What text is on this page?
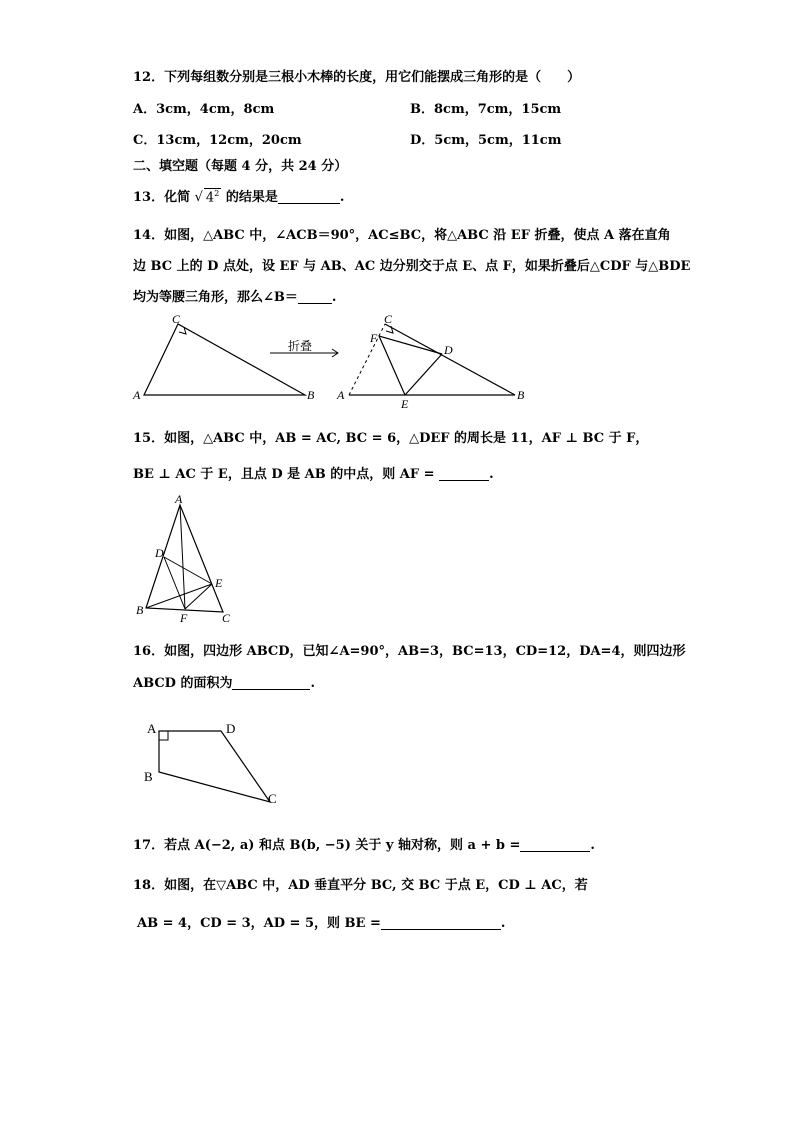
12．下列每组数分别是三根小木棒的长度，用它们能摆成三角形的是（　　）
A．3cm，4cm，8cm	B．8cm，7cm，15cm
C．13cm，12cm，20cm	D．5cm，5cm，11cm
二、填空题（每题 4 分，共 24 分）
13．化简 √ $4^2$ 的结果是	.
14．如图，△ABC 中，∠ACB＝90°，AC≤BC，将△ABC 沿 EF 折叠，使点 A 落在直角
边 BC 上的 D 点处，设 EF 与 AB、AC 边分别交于点 E、点 F，如果折叠后△CDF 与△BDE
均为等腰三角形，那么∠B＝	.
C
A	B
折叠
C
F
D
A
E
B
15．如图，△ABC 中，AB = AC, BC = 6，△DEF 的周长是 11，AF ⊥ BC 于 F，
BE ⊥ AC 于 E，且点 D 是 AB 的中点，则 AF =	.
A
D
E
B
F	C
16．如图，四边形 ABCD，已知∠A=90°，AB=3，BC=13，CD=12，DA=4，则四边形
ABCD 的面积为	.
A	D
B
C
17．若点 A(−2, a) 和点 B(b, −5) 关于 y 轴对称，则 a + b =	.
18．如图，在▽ABC 中，AD 垂直平分 BC, 交 BC 于点 E，CD ⊥ AC，若
AB = 4，CD = 3，AD = 5，则 BE =	.
